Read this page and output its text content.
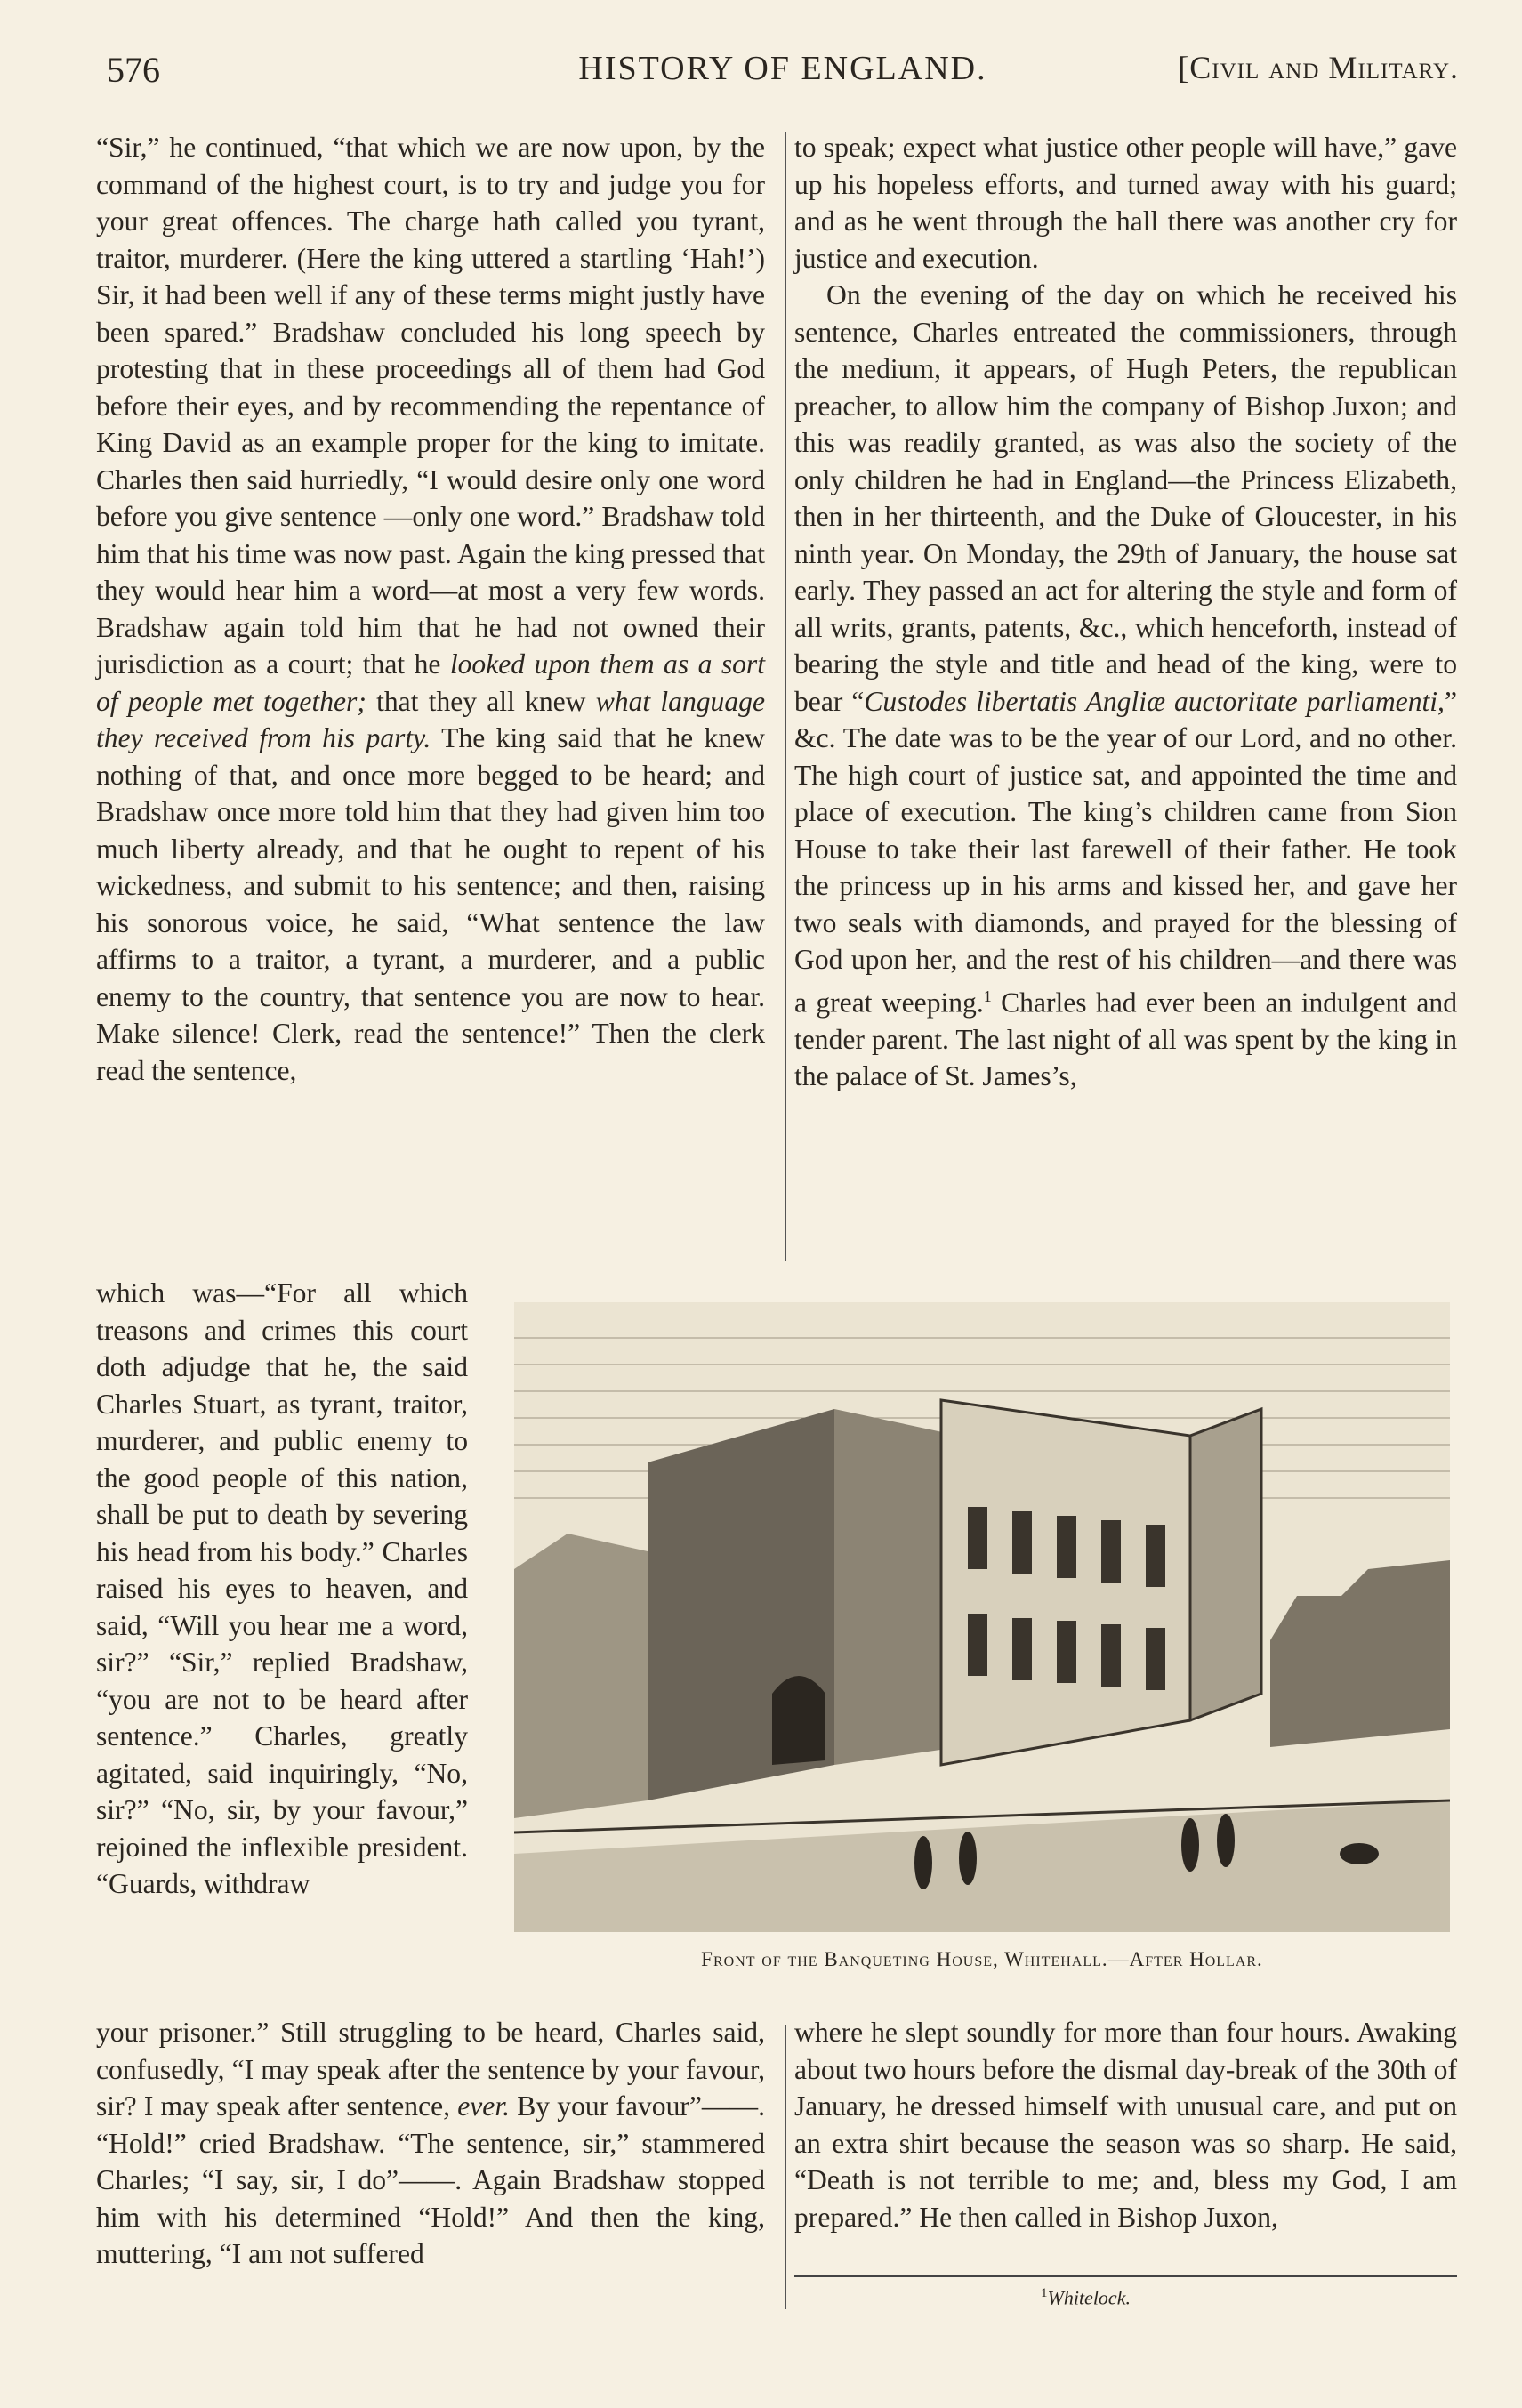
576	HISTORY OF ENGLAND.	[Civil and Military.

“Sir,” he continued, “that which we are now upon, by the command of the highest court, is to try and judge you for your great offences. The charge hath called you tyrant, traitor, murderer. (Here the king uttered a startling ‘Hah!’) Sir, it had been well if any of these terms might justly have been spared.” Bradshaw concluded his long speech by protesting that in these proceedings all of them had God before their eyes, and by recommending the repentance of King David as an example proper for the king to imitate. Charles then said hurriedly, “I would desire only one word before you give sentence —only one word.” Bradshaw told him that his time was now past. Again the king pressed that they would hear him a word—at most a very few words. Bradshaw again told him that he had not owned their jurisdiction as a court; that he looked upon them as a sort of people met together; that they all knew what language they received from his party. The king said that he knew nothing of that, and once more begged to be heard; and Bradshaw once more told him that they had given him too much liberty already, and that he ought to repent of his wickedness, and submit to his sentence; and then, raising his sonorous voice, he said, “What sentence the law affirms to a traitor, a tyrant, a murderer, and a public enemy to the country, that sentence you are now to hear. Make silence! Clerk, read the sentence!” Then the clerk read the sentence,

to speak; expect what justice other people will have,” gave up his hopeless efforts, and turned away with his guard; and as he went through the hall there was another cry for justice and execution.

On the evening of the day on which he received his sentence, Charles entreated the commissioners, through the medium, it appears, of Hugh Peters, the republican preacher, to allow him the company of Bishop Juxon; and this was readily granted, as was also the society of the only children he had in England—the Princess Elizabeth, then in her thirteenth, and the Duke of Gloucester, in his ninth year. On Monday, the 29th of January, the house sat early. They passed an act for altering the style and form of all writs, grants, patents, &c., which henceforth, instead of bearing the style and title and head of the king, were to bear “Custodes libertatis Angliæ auctoritate parliamenti,” &c. The date was to be the year of our Lord, and no other. The high court of justice sat, and appointed the time and place of execution. The king’s children came from Sion House to take their last farewell of their father. He took the princess up in his arms and kissed her, and gave her two seals with diamonds, and prayed for the blessing of God upon her, and the rest of his children—and there was a great weeping.$^1$ Charles had ever been an indulgent and tender parent. The last night of all was spent by the king in the palace of St. James’s,

which was—“For all which treasons and crimes this court doth adjudge that he, the said Charles Stuart, as tyrant, traitor, murderer, and public enemy to the good people of this nation, shall be put to death by severing his head from his body.” Charles raised his eyes to heaven, and said, “Will you hear me a word, sir?” “Sir,” replied Bradshaw, “you are not to be heard after sentence.” Charles, greatly agitated, said inquiringly, “No, sir?” “No, sir, by your favour,” rejoined the inflexible president. “Guards, withdraw

Front of the Banqueting House, Whitehall.—After Hollar.

your prisoner.” Still struggling to be heard, Charles said, confusedly, “I may speak after the sentence by your favour, sir? I may speak after sentence, ever. By your favour”——. “Hold!” cried Bradshaw. “The sentence, sir,” stammered Charles; “I say, sir, I do”——. Again Bradshaw stopped him with his determined “Hold!” And then the king, muttering, “I am not suffered

where he slept soundly for more than four hours. Awaking about two hours before the dismal day-break of the 30th of January, he dressed himself with unusual care, and put on an extra shirt because the season was so sharp. He said, “Death is not terrible to me; and, bless my God, I am prepared.” He then called in Bishop Juxon,

$^1$Whitelock.
